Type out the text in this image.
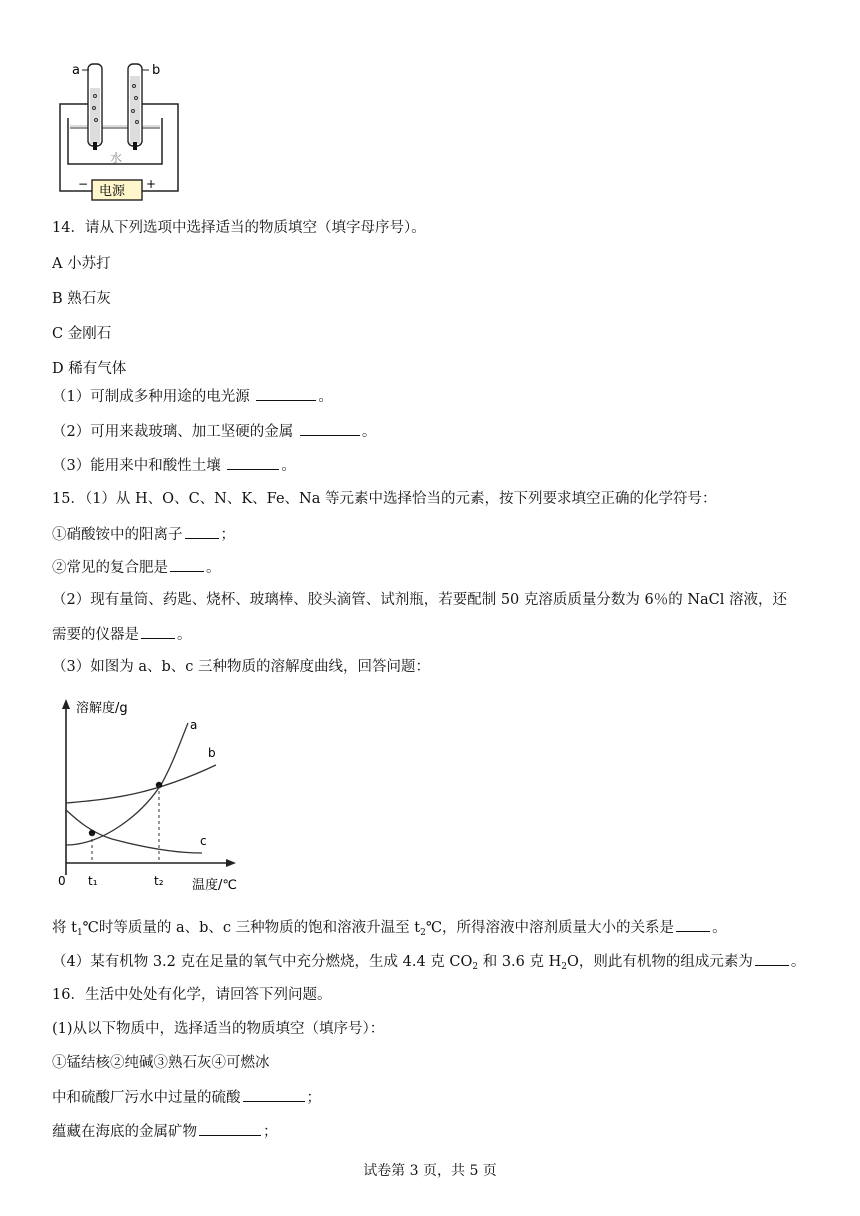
a	b
水
电源
−	+
14．请从下列选项中选择适当的物质填空（填字母序号）。
A 小苏打
B 熟石灰
C 金刚石
D 稀有气体
（1）可制成多种用途的电光源	。
（2）可用来裁玻璃、加工坚硬的金属	。
（3）能用来中和酸性土壤	。
15．（1）从 H、O、C、N、K、Fe、Na 等元素中选择恰当的元素，按下列要求填空正确的化学符号：
①硝酸铵中的阳离子	；
②常见的复合肥是	。
（2）现有量筒、药匙、烧杯、玻璃棒、胶头滴管、试剂瓶，若要配制 50 克溶质质量分数为 6％的 NaCl 溶液，还
需要的仪器是	。
（3）如图为 a、b、c 三种物质的溶解度曲线，回答问题：
溶解度/g
温度/℃
0 t₁	t₂
a
b
c
将 $t_1℃$时等质量的 a、b、c 三种物质的饱和溶液升温至 $t_2℃$，所得溶液中溶剂质量大小的关系是	。
（4）某有机物 3.2 克在足量的氧气中充分燃烧，生成 4.4 克 $CO_2$ 和 3.6 克 $H_2O$，则此有机物的组成元素为	。
16．生活中处处有化学，请回答下列问题。
(1)从以下物质中，选择适当的物质填空（填序号）：
①锰结核②纯碱③熟石灰④可燃冰
中和硫酸厂污水中过量的硫酸	；
蕴藏在海底的金属矿物	；
试卷第 3 页，共 5 页
